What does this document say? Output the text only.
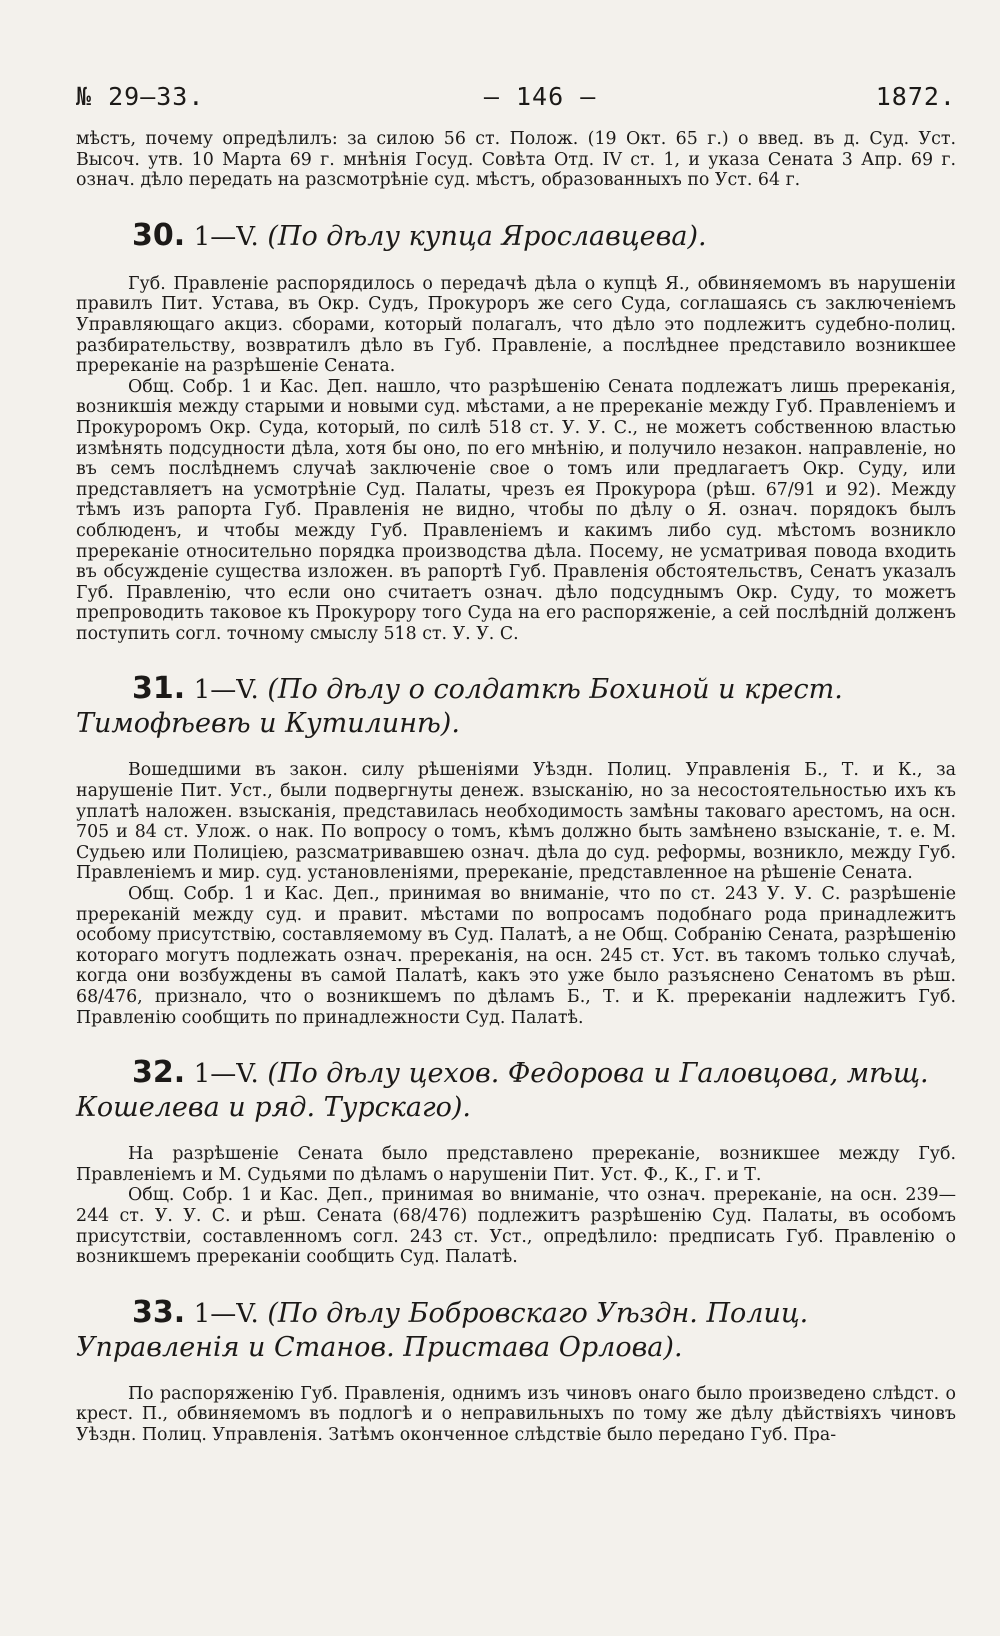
№ 29—33.	— 146 —	1872.

мѣстъ, почему опредѣлилъ: за силою 56 ст. Полож. (19 Окт. 65 г.) о введ. въ д. Суд. Уст. Высоч. утв. 10 Марта 69 г. мнѣнія Госуд. Совѣта Отд. IV ст. 1, и указа Сената 3 Апр. 69 г. означ. дѣло передать на разсмотрѣніе суд. мѣстъ, образованныхъ по Уст. 64 г.

30. 1—V. (По дѣлу купца Ярославцева).

Губ. Правленіе распорядилось о передачѣ дѣла о купцѣ Я., обвиняемомъ въ нарушеніи правилъ Пит. Устава, въ Окр. Судъ, Прокуроръ же сего Суда, соглашаясь съ заключеніемъ Управляющаго акциз. сборами, который полагалъ, что дѣло это подлежитъ судебно-полиц. разбирательству, возвратилъ дѣло въ Губ. Правленіе, а послѣднее представило возникшее пререканіе на разрѣшеніе Сената.

Общ. Собр. 1 и Кас. Деп. нашло, что разрѣшенію Сената подлежатъ лишь пререканія, возникшія между старыми и новыми суд. мѣстами, а не пререканіе между Губ. Правленіемъ и Прокуроромъ Окр. Суда, который, по силѣ 518 ст. У. У. С., не можетъ собственною властью измѣнять подсудности дѣла, хотя бы оно, по его мнѣнію, и получило незакон. направленіе, но въ семъ послѣднемъ случаѣ заключеніе свое о томъ или предлагаетъ Окр. Суду, или представляетъ на усмотрѣніе Суд. Палаты, чрезъ ея Прокурора (рѣш. 67/91 и 92). Между тѣмъ изъ рапорта Губ. Правленія не видно, чтобы по дѣлу о Я. означ. порядокъ былъ соблюденъ, и чтобы между Губ. Правленіемъ и какимъ либо суд. мѣстомъ возникло пререканіе относительно порядка производства дѣла. Посему, не усматривая повода входить въ обсужденіе существа изложен. въ рапортѣ Губ. Правленія обстоятельствъ, Сенатъ указалъ Губ. Правленію, что если оно считаетъ означ. дѣло подсуднымъ Окр. Суду, то можетъ препроводить таковое къ Прокурору того Суда на его распоряженіе, а сей послѣдній долженъ поступить согл. точному смыслу 518 ст. У. У. С.

31. 1—V. (По дѣлу о солдаткѣ Бохиной и крест. Тимофѣевѣ и Кутилинѣ).

Вошедшими въ закон. силу рѣшеніями Уѣздн. Полиц. Управленія Б., Т. и К., за нарушеніе Пит. Уст., были подвергнуты денеж. взысканію, но за несостоятельностью ихъ къ уплатѣ наложен. взысканія, представилась необходимость замѣны таковаго арестомъ, на осн. 705 и 84 ст. Улож. о нак. По вопросу о томъ, кѣмъ должно быть замѣнено взысканіе, т. е. М. Судьею или Полиціею, разсматривавшею означ. дѣла до суд. реформы, возникло, между Губ. Правленіемъ и мир. суд. установленіями, пререканіе, представленное на рѣшеніе Сената.

Общ. Собр. 1 и Кас. Деп., принимая во вниманіе, что по ст. 243 У. У. С. разрѣшеніе пререканій между суд. и правит. мѣстами по вопросамъ подобнаго рода принадлежитъ особому присутствію, составляемому въ Суд. Палатѣ, а не Общ. Собранію Сената, разрѣшенію котораго могутъ подлежать означ. пререканія, на осн. 245 ст. Уст. въ такомъ только случаѣ, когда они возбуждены въ самой Палатѣ, какъ это уже было разъяснено Сенатомъ въ рѣш. 68/476, признало, что о возникшемъ по дѣламъ Б., Т. и К. пререканіи надлежитъ Губ. Правленію сообщить по принадлежности Суд. Палатѣ.

32. 1—V. (По дѣлу цехов. Федорова и Галовцова, мѣщ. Кошелева и ряд. Турскаго).

На разрѣшеніе Сената было представлено пререканіе, возникшее между Губ. Правленіемъ и М. Судьями по дѣламъ о нарушеніи Пит. Уст. Ф., К., Г. и Т.

Общ. Собр. 1 и Кас. Деп., принимая во вниманіе, что означ. пререканіе, на осн. 239—244 ст. У. У. С. и рѣш. Сената (68/476) подлежитъ разрѣшенію Суд. Палаты, въ особомъ присутствіи, составленномъ согл. 243 ст. Уст., опредѣлило: предписать Губ. Правленію о возникшемъ пререканіи сообщить Суд. Палатѣ.

33. 1—V. (По дѣлу Бобровскаго Уѣздн. Полиц. Управленія и Станов. Пристава Орлова).

По распоряженію Губ. Правленія, однимъ изъ чиновъ онаго было произведено слѣдст. о крест. П., обвиняемомъ въ подлогѣ и о неправильныхъ по тому же дѣлу дѣйствіяхъ чиновъ Уѣздн. Полиц. Управленія. Затѣмъ оконченное слѣдствіе было передано Губ. Пра-
